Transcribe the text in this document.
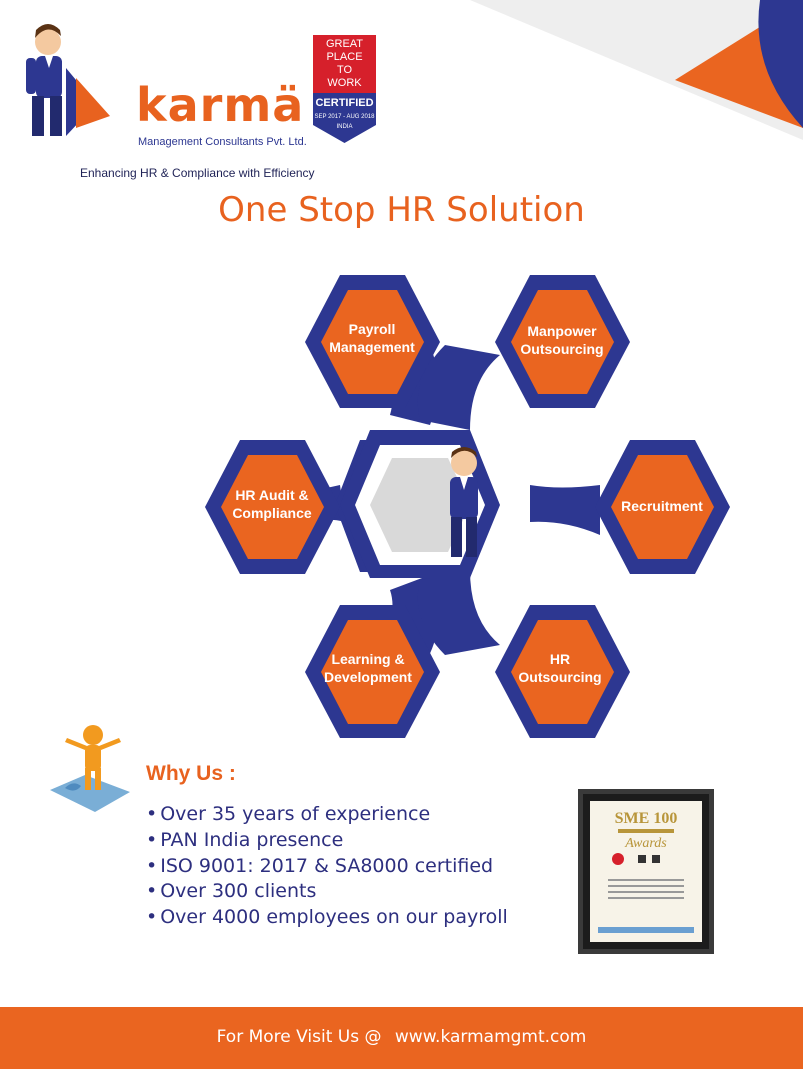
karmä
Management Consultants Pvt. Ltd.
Enhancing HR & Compliance with Efficiency
GREAT
PLACE
TO
WORK
CERTIFIED
SEP 2017 - AUG 2018
INDIA
One Stop HR Solution
Payroll
Management
Manpower
Outsourcing
HR Audit &
Compliance	Recruitment
Learning &
Development
HR
Outsourcing
Why Us :
• Over 35 years of experience
• PAN India presence
• ISO 9001: 2017 & SA8000 certified
• Over 300 clients
• Over 4000 employees on our payroll
SME 100
Awards
For More Visit Us @ www.karmamgmt.com
